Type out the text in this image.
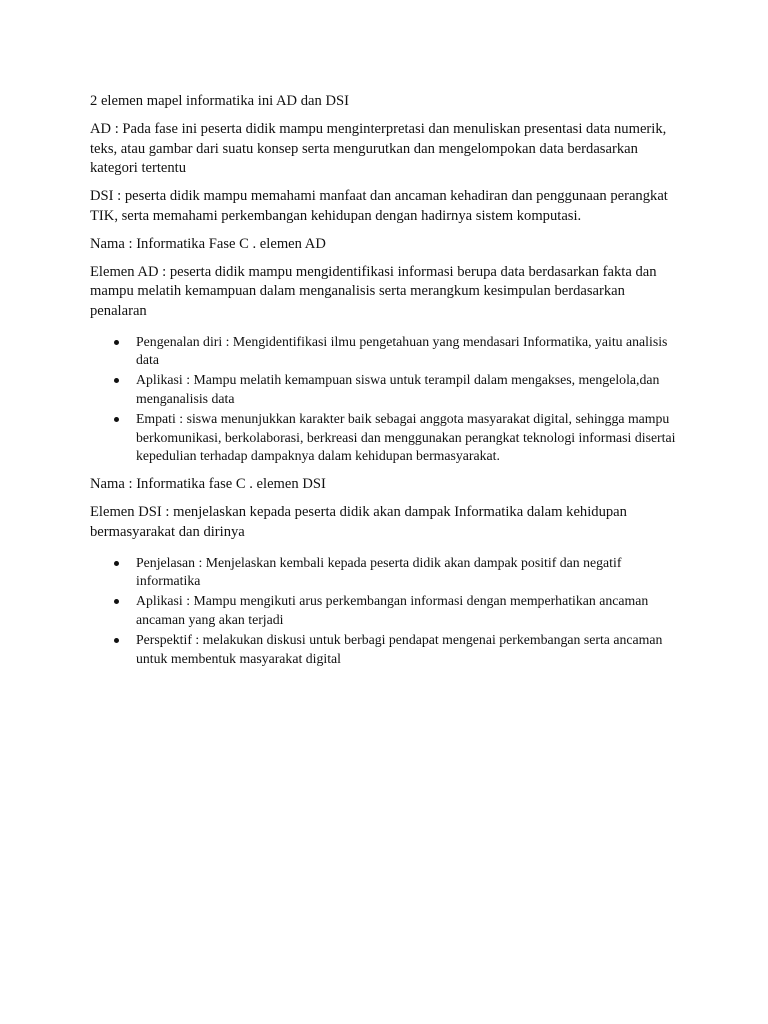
2 elemen mapel informatika ini AD dan DSI

AD : Pada fase ini peserta didik mampu menginterpretasi dan menuliskan presentasi data numerik, teks, atau gambar dari suatu konsep serta mengurutkan dan mengelompokan data berdasarkan kategori tertentu

DSI : peserta didik mampu memahami manfaat dan ancaman kehadiran dan penggunaan perangkat TIK, serta memahami perkembangan kehidupan dengan hadirnya sistem komputasi.

Nama : Informatika Fase C . elemen AD

Elemen AD : peserta didik mampu mengidentifikasi informasi berupa data berdasarkan fakta dan mampu melatih kemampuan dalam menganalisis serta merangkum kesimpulan berdasarkan penalaran

Pengenalan diri : Mengidentifikasi ilmu pengetahuan yang mendasari Informatika, yaitu analisis data
Aplikasi : Mampu melatih kemampuan siswa untuk terampil dalam mengakses, mengelola,dan menganalisis data
Empati : siswa menunjukkan karakter baik sebagai anggota masyarakat digital, sehingga mampu berkomunikasi, berkolaborasi, berkreasi dan menggunakan perangkat teknologi informasi disertai kepedulian terhadap dampaknya dalam kehidupan bermasyarakat.

Nama : Informatika fase C . elemen DSI

Elemen DSI : menjelaskan kepada peserta didik akan dampak Informatika dalam kehidupan bermasyarakat dan dirinya

Penjelasan : Menjelaskan kembali kepada peserta didik akan dampak positif dan negatif informatika
Aplikasi : Mampu mengikuti arus perkembangan informasi dengan memperhatikan ancaman ancaman yang akan terjadi
Perspektif : melakukan diskusi untuk berbagi pendapat mengenai perkembangan serta ancaman untuk membentuk masyarakat digital
